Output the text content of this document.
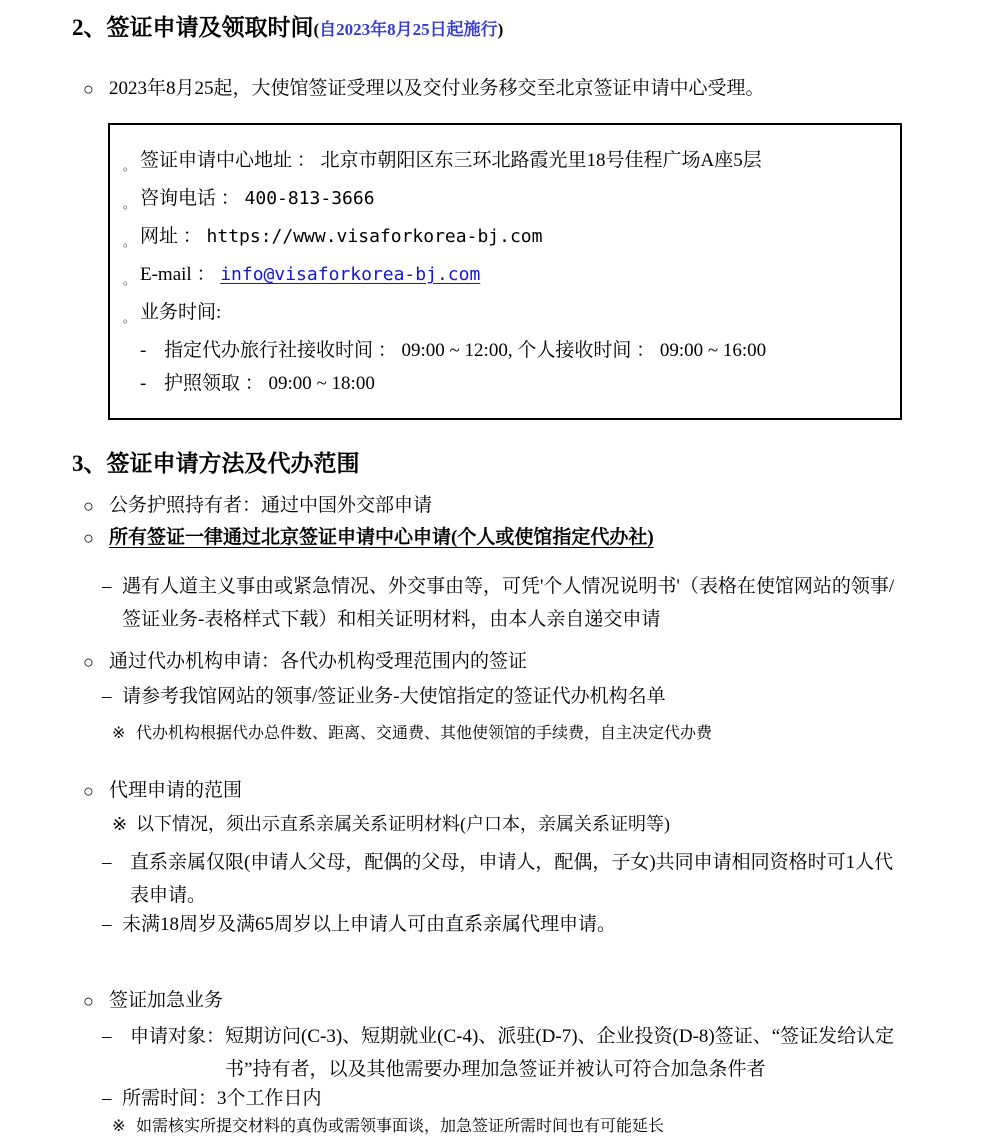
2、签证申请及领取时间(自2023年8月25日起施行)
○ 2023年8月25起，大使馆签证受理以及交付业务移交至北京签证申请中心受理。
。 签证申请中心地址 ： 北京市朝阳区东三环北路霞光里18号佳程广场A座5层
。 咨询电话 ： 400-813-3666
。 网址 ： https://www.visaforkorea-bj.com
。 E-mail ： info@visaforkorea-bj.com
。 业务时间:
- 指定代办旅行社接收时间 ： 09:00 ~ 12:00, 个人接收时间 ： 09:00 ~ 16:00
- 护照领取 ： 09:00 ~ 18:00
3、签证申请方法及代办范围
○ 公务护照持有者：通过中国外交部申请
○ 所有签证一律通过北京签证申请中心申请(个人或使馆指定代办社)
– 遇有人道主义事由或紧急情况、外交事由等，可凭'个人情况说明书'（表格在使馆网站的领事/签证业务-表格样式下载）和相关证明材料，由本人亲自递交申请
○ 通过代办机构申请：各代办机构受理范围内的签证
– 请参考我馆网站的领事/签证业务-大使馆指定的签证代办机构名单
※ 代办机构根据代办总件数、距离、交通费、其他使领馆的手续费，自主决定代办费
○ 代理申请的范围
※ 以下情况，须出示直系亲属关系证明材料(户口本，亲属关系证明等)
– 直系亲属仅限(申请人父母，配偶的父母，申请人，配偶，子女)共同申请相同资格时可1人代表申请。
– 未满18周岁及满65周岁以上申请人可由直系亲属代理申请。
○ 签证加急业务
– 申请对象： 短期访问(C-3)、短期就业(C-4)、派驻(D-7)、企业投资(D-8)签证、“签证发给认定书”持有者，以及其他需要办理加急签证并被认可符合加急条件者
– 所需时间：3个工作日内
※ 如需核实所提交材料的真伪或需领事面谈，加急签证所需时间也有可能延长
